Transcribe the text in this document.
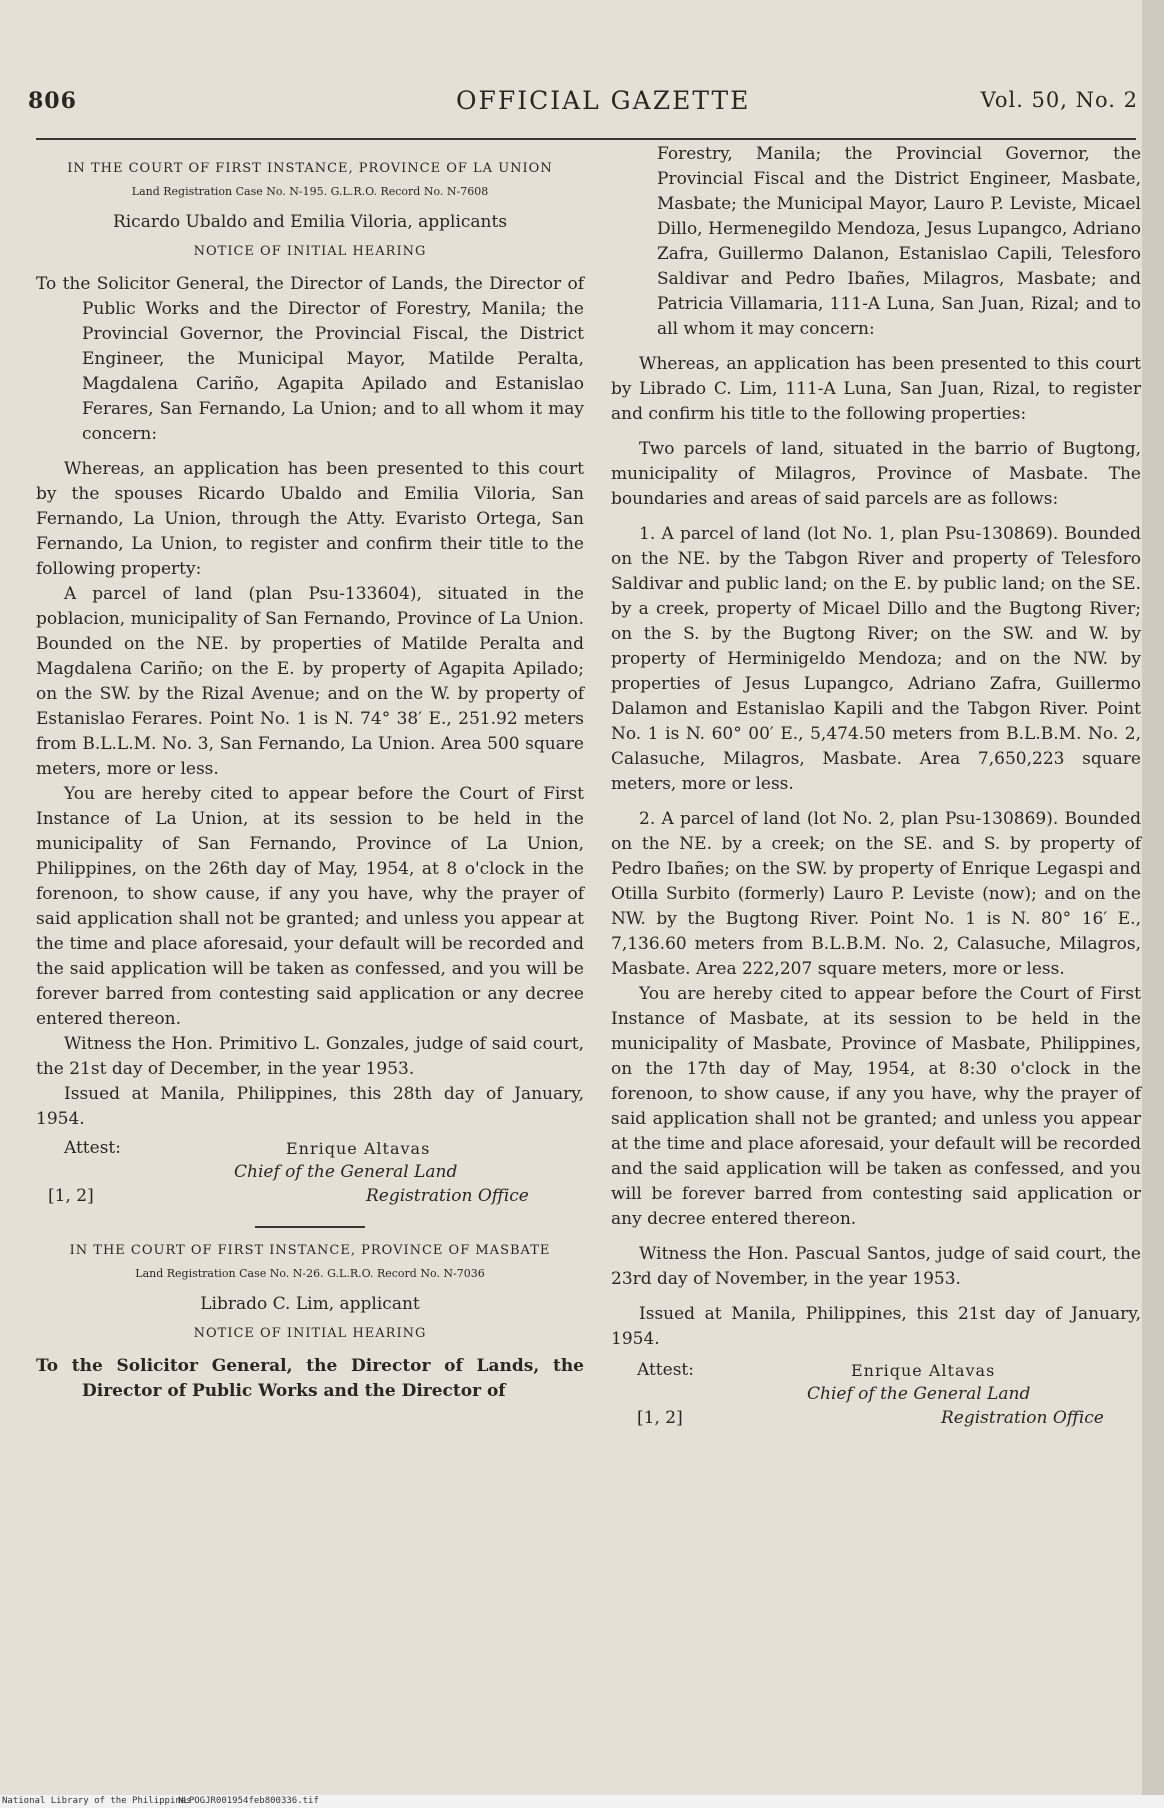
806	OFFICIAL GAZETTE	Vol. 50, No. 2

IN THE COURT OF FIRST INSTANCE, PROVINCE OF LA UNION

Land Registration Case No. N-195. G.L.R.O. Record No. N-7608

Ricardo Ubaldo and Emilia Viloria, applicants

NOTICE OF INITIAL HEARING

To the Solicitor General, the Director of Lands, the Director of Public Works and the Director of Forestry, Manila; the Provincial Governor, the Provincial Fiscal, the District Engineer, the Municipal Mayor, Matilde Peralta, Magdalena Cariño, Agapita Apilado and Estanislao Ferares, San Fernando, La Union; and to all whom it may concern:

Whereas, an application has been presented to this court by the spouses Ricardo Ubaldo and Emilia Viloria, San Fernando, La Union, through the Atty. Evaristo Ortega, San Fernando, La Union, to register and confirm their title to the following property:

A parcel of land (plan Psu-133604), situated in the poblacion, municipality of San Fernando, Province of La Union. Bounded on the NE. by properties of Matilde Peralta and Magdalena Cariño; on the E. by property of Agapita Apilado; on the SW. by the Rizal Avenue; and on the W. by property of Estanislao Ferares. Point No. 1 is N. 74° 38′ E., 251.92 meters from B.L.L.M. No. 3, San Fernando, La Union. Area 500 square meters, more or less.

You are hereby cited to appear before the Court of First Instance of La Union, at its session to be held in the municipality of San Fernando, Province of La Union, Philippines, on the 26th day of May, 1954, at 8 o'clock in the forenoon, to show cause, if any you have, why the prayer of said application shall not be granted; and unless you appear at the time and place aforesaid, your default will be recorded and the said application will be taken as confessed, and you will be forever barred from contesting said application or any decree entered thereon.

Witness the Hon. Primitivo L. Gonzales, judge of said court, the 21st day of December, in the year 1953.

Issued at Manila, Philippines, this 28th day of January, 1954.

Attest:	Enrique Altavas
Chief of the General Land
[1, 2]	Registration Office

IN THE COURT OF FIRST INSTANCE, PROVINCE OF MASBATE

Land Registration Case No. N-26. G.L.R.O. Record No. N-7036

Librado C. Lim, applicant

NOTICE OF INITIAL HEARING

To the Solicitor General, the Director of Lands, the Director of Public Works and the Director of

Forestry, Manila; the Provincial Governor, the Provincial Fiscal and the District Engineer, Masbate, Masbate; the Municipal Mayor, Lauro P. Leviste, Micael Dillo, Hermenegildo Mendoza, Jesus Lupangco, Adriano Zafra, Guillermo Dalanon, Estanislao Capili, Telesforo Saldivar and Pedro Ibañes, Milagros, Masbate; and Patricia Villamaria, 111-A Luna, San Juan, Rizal; and to all whom it may concern:

Whereas, an application has been presented to this court by Librado C. Lim, 111-A Luna, San Juan, Rizal, to register and confirm his title to the following properties:

Two parcels of land, situated in the barrio of Bugtong, municipality of Milagros, Province of Masbate. The boundaries and areas of said parcels are as follows:

1. A parcel of land (lot No. 1, plan Psu-130869). Bounded on the NE. by the Tabgon River and property of Telesforo Saldivar and public land; on the E. by public land; on the SE. by a creek, property of Micael Dillo and the Bugtong River; on the S. by the Bugtong River; on the SW. and W. by property of Herminigeldo Mendoza; and on the NW. by properties of Jesus Lupangco, Adriano Zafra, Guillermo Dalamon and Estanislao Kapili and the Tabgon River. Point No. 1 is N. 60° 00′ E., 5,474.50 meters from B.L.B.M. No. 2, Calasuche, Milagros, Masbate. Area 7,650,223 square meters, more or less.

2. A parcel of land (lot No. 2, plan Psu-130869). Bounded on the NE. by a creek; on the SE. and S. by property of Pedro Ibañes; on the SW. by property of Enrique Legaspi and Otilla Surbito (formerly) Lauro P. Leviste (now); and on the NW. by the Bugtong River. Point No. 1 is N. 80° 16′ E., 7,136.60 meters from B.L.B.M. No. 2, Calasuche, Milagros, Masbate. Area 222,207 square meters, more or less.

You are hereby cited to appear before the Court of First Instance of Masbate, at its session to be held in the municipality of Masbate, Province of Masbate, Philippines, on the 17th day of May, 1954, at 8:30 o'clock in the forenoon, to show cause, if any you have, why the prayer of said application shall not be granted; and unless you appear at the time and place aforesaid, your default will be recorded and the said application will be taken as confessed, and you will be forever barred from contesting said application or any decree entered thereon.

Witness the Hon. Pascual Santos, judge of said court, the 23rd day of November, in the year 1953.

Issued at Manila, Philippines, this 21st day of January, 1954.

Attest:	Enrique Altavas
Chief of the General Land
[1, 2]	Registration Office
National Library of the Philippines
NLPOGJR001954feb800336.tif
